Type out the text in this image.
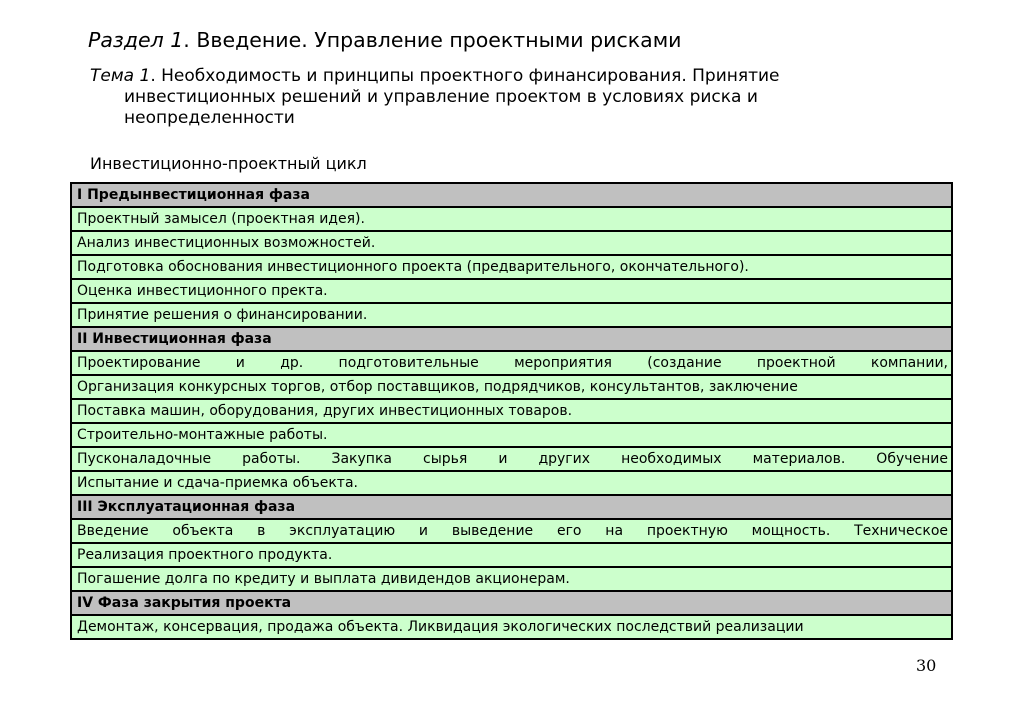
Раздел 1. Введение. Управление проектными рисками
Тема 1. Необходимость и принципы проектного финансирования. Принятие
инвестиционных решений и управление проектом в условиях риска и
неопределенности
Инвестиционно-проектный цикл
I Предынвестиционная фаза
Проектный замысел (проектная идея).
Анализ инвестиционных возможностей.
Подготовка обоснования инвестиционного проекта (предварительного, окончательного).
Оценка инвестиционного пректа.
Принятие решения о финансировании.
II Инвестиционная фаза
Проектирование и др. подготовительные мероприятия (создание проектной компании,
Организация конкурсных торгов, отбор поставщиков, подрядчиков, консультантов, заключение
Поставка машин, оборудования, других инвестиционных товаров.
Строительно-монтажные работы.
Пусконаладочные работы. Закупка сырья и других необходимых материалов. Обучение
Испытание и сдача-приемка объекта.
III Эксплуатационная фаза
Введение объекта в эксплуатацию и выведение его на проектную мощность. Техническое
Реализация проектного продукта.
Погашение долга по кредиту и выплата дивидендов акционерам.
IV Фаза закрытия проекта
Демонтаж, консервация, продажа объекта. Ликвидация экологических последствий реализации
30
